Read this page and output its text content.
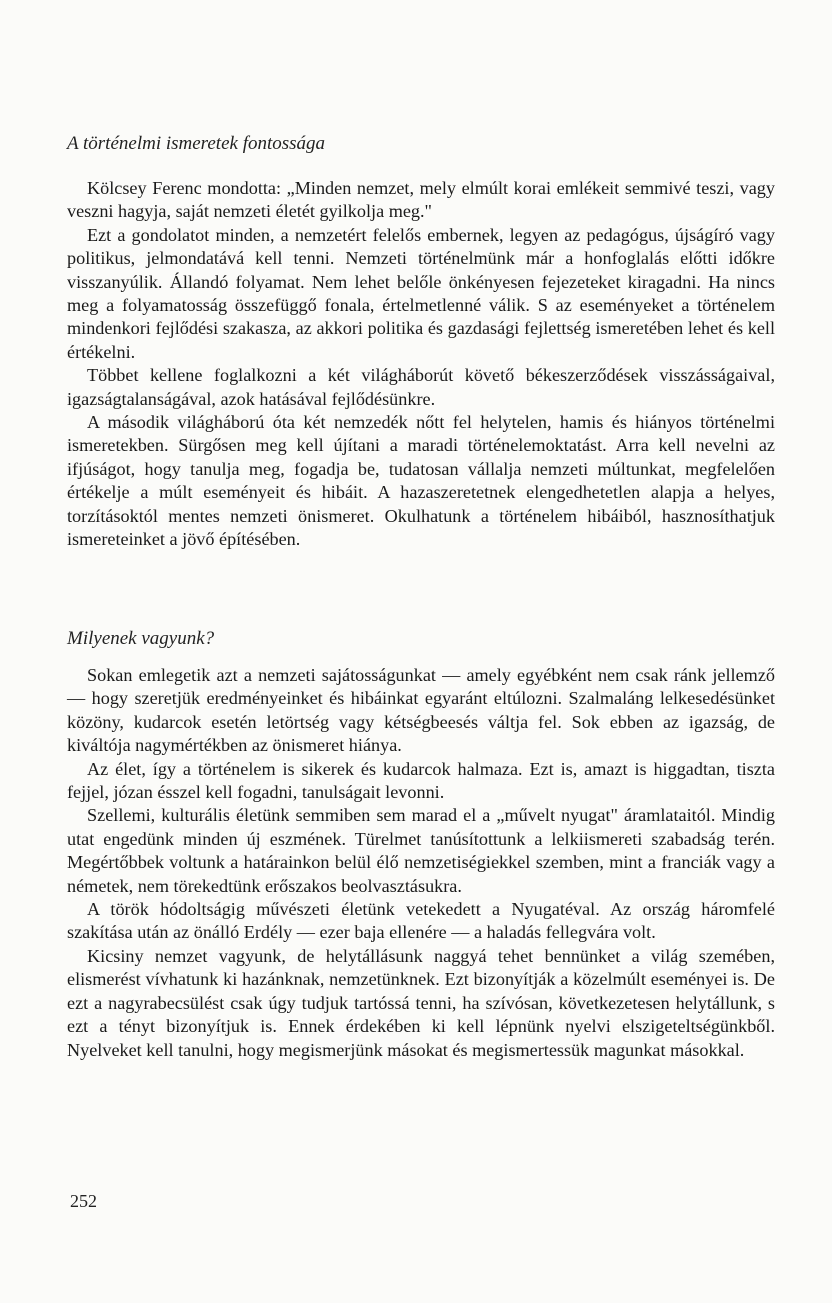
A történelmi ismeretek fontossága

Kölcsey Ferenc mondotta: „Minden nemzet, mely elmúlt korai emlékeit semmivé teszi, vagy veszni hagyja, saját nemzeti életét gyilkolja meg."

Ezt a gondolatot minden, a nemzetért felelős embernek, legyen az pedagógus, újságíró vagy politikus, jelmondatává kell tenni. Nemzeti történelmünk már a honfoglalás előtti időkre visszanyúlik. Állandó folyamat. Nem lehet belőle önkényesen fejezeteket kiragadni. Ha nincs meg a folyamatosság összefüggő fonala, értelmetlenné válik. S az eseményeket a történelem mindenkori fejlődési szakasza, az akkori politika és gazdasági fejlettség ismeretében lehet és kell értékelni.

Többet kellene foglalkozni a két világháborút követő békeszerződések visszásságaival, igazságtalanságával, azok hatásával fejlődésünkre.

A második világháború óta két nemzedék nőtt fel helytelen, hamis és hiányos történelmi ismeretekben. Sürgősen meg kell újítani a maradi történelemoktatást. Arra kell nevelni az ifjúságot, hogy tanulja meg, fogadja be, tudatosan vállalja nemzeti múltunkat, megfelelően értékelje a múlt eseményeit és hibáit. A hazaszeretetnek elengedhetetlen alapja a helyes, torzításoktól mentes nemzeti önismeret. Okulhatunk a történelem hibáiból, hasznosíthatjuk ismereteinket a jövő építésében.

Milyenek vagyunk?

Sokan emlegetik azt a nemzeti sajátosságunkat — amely egyébként nem csak ránk jellemző — hogy szeretjük eredményeinket és hibáinkat egyaránt eltúlozni. Szalmaláng lelkesedésünket közöny, kudarcok esetén letörtség vagy kétségbeesés váltja fel. Sok ebben az igazság, de kiváltója nagymértékben az önismeret hiánya.

Az élet, így a történelem is sikerek és kudarcok halmaza. Ezt is, amazt is higgadtan, tiszta fejjel, józan ésszel kell fogadni, tanulságait levonni.

Szellemi, kulturális életünk semmiben sem marad el a „művelt nyugat" áramlataitól. Mindig utat engedünk minden új eszmének. Türelmet tanúsítottunk a lelkiismereti szabadság terén. Megértőbbek voltunk a határainkon belül élő nemzetiségiekkel szemben, mint a franciák vagy a németek, nem törekedtünk erőszakos beolvasztásukra.

A török hódoltságig művészeti életünk vetekedett a Nyugatéval. Az ország háromfelé szakítása után az önálló Erdély — ezer baja ellenére — a haladás fellegvára volt.

Kicsiny nemzet vagyunk, de helytállásunk naggyá tehet bennünket a világ szemében, elismerést vívhatunk ki hazánknak, nemzetünknek. Ezt bizonyítják a közelmúlt eseményei is. De ezt a nagyrabecsülést csak úgy tudjuk tartóssá tenni, ha szívósan, következetesen helytállunk, s ezt a tényt bizonyítjuk is. Ennek érdekében ki kell lépnünk nyelvi elszigeteltségünkből. Nyelveket kell tanulni, hogy megismerjünk másokat és megismertessük magunkat másokkal.

252
